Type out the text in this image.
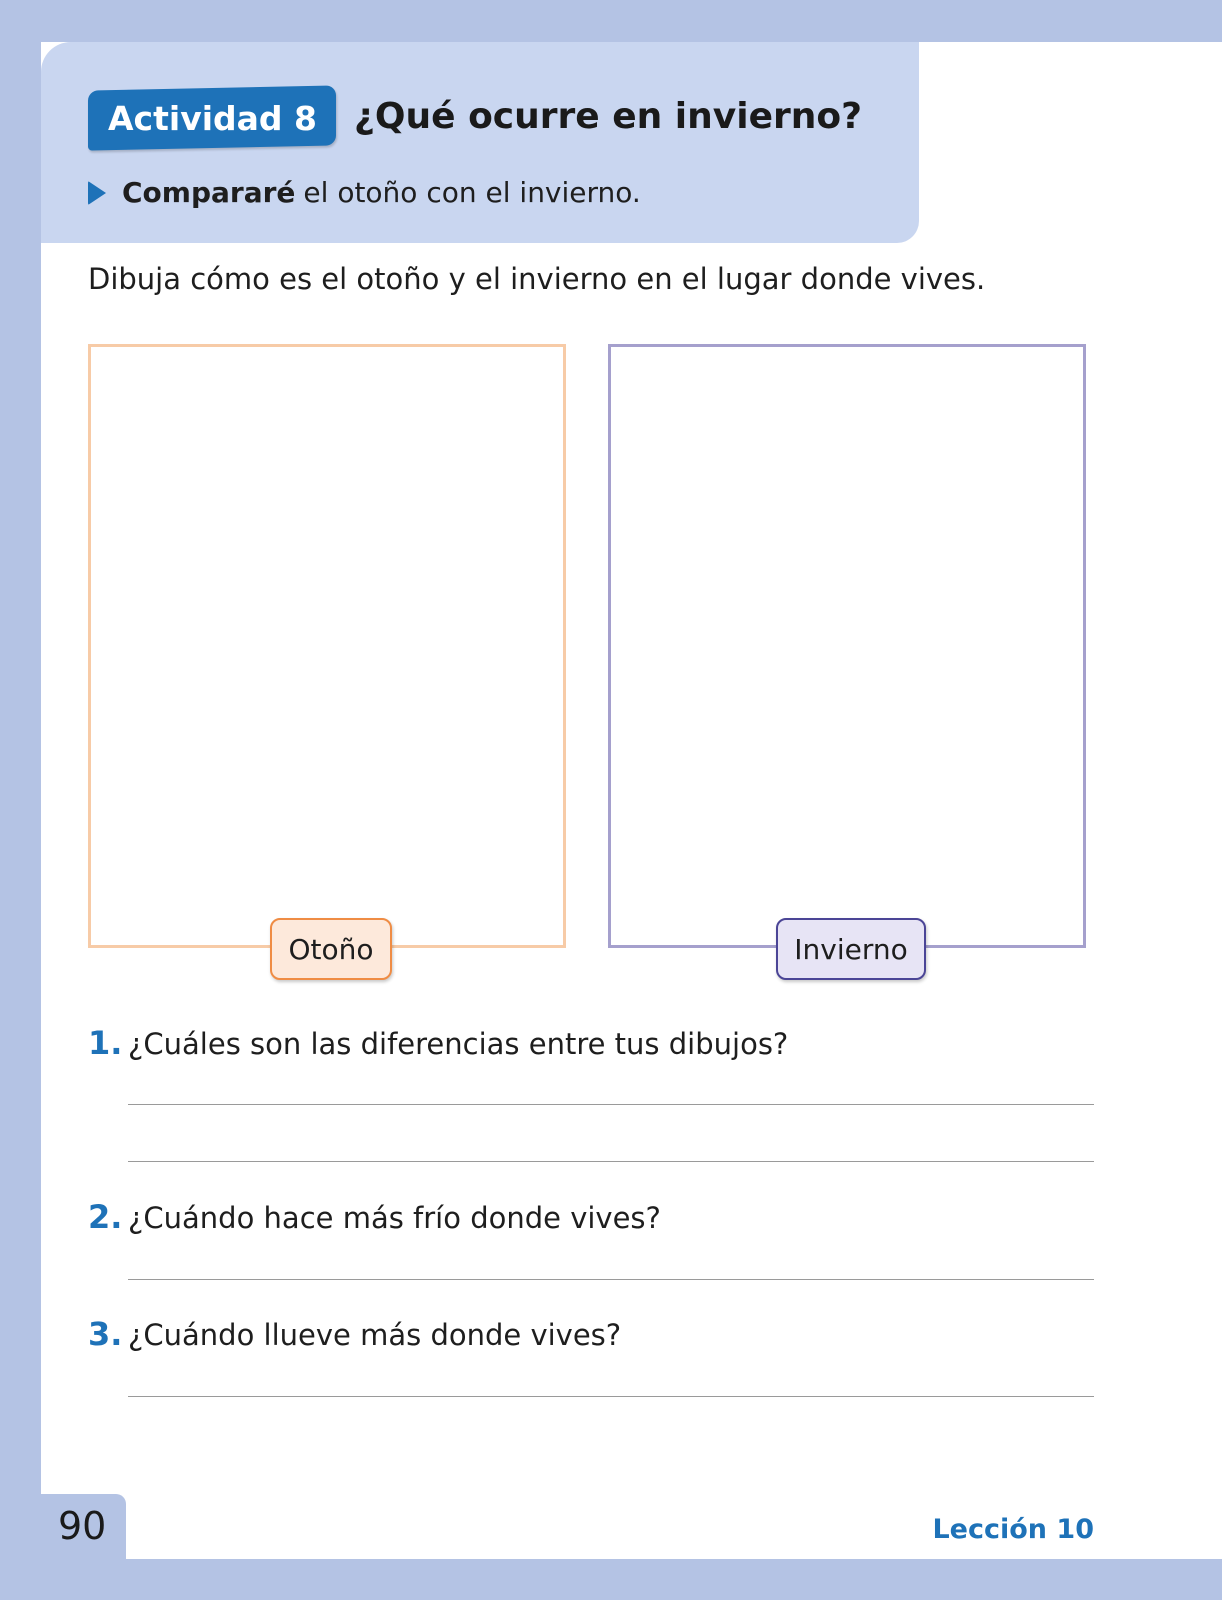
Actividad 8 ¿Qué ocurre en invierno?
Compararé el otoño con el invierno.
Dibuja cómo es el otoño y el invierno en el lugar donde vives.
Otoño	Invierno
1. ¿Cuáles son las diferencias entre tus dibujos?
2. ¿Cuándo hace más frío donde vives?
3. ¿Cuándo llueve más donde vives?
90	Lección 10
